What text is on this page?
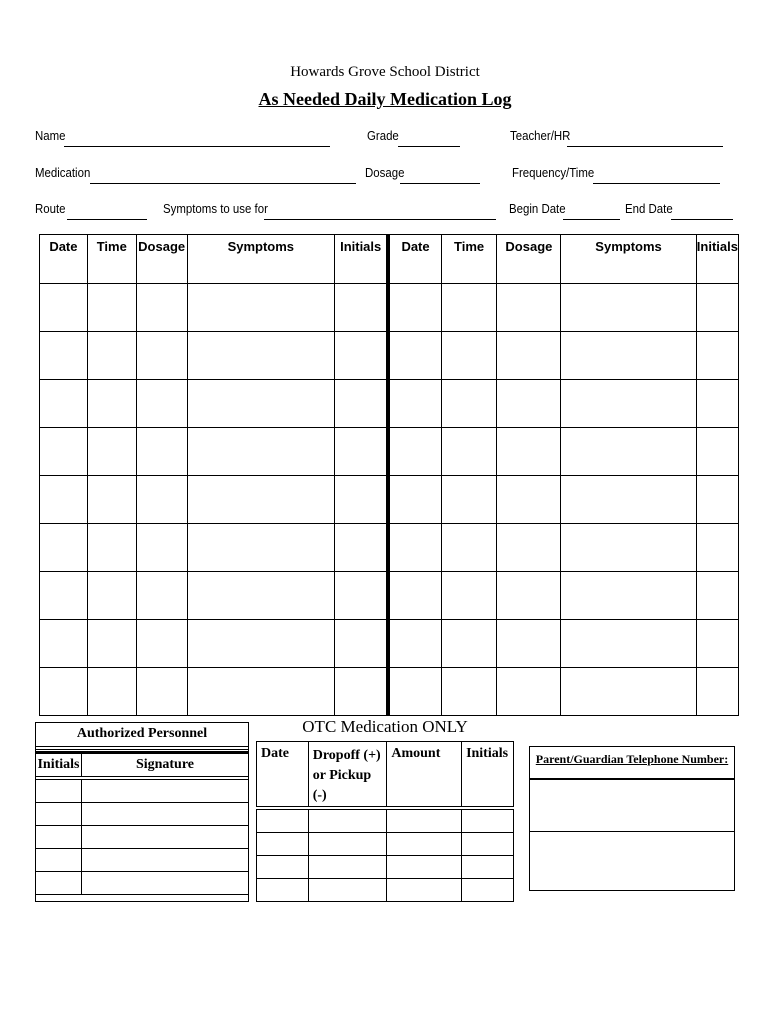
Howards Grove School District
As Needed Daily Medication Log
Name	Grade	Teacher/HR
Medication	Dosage	Frequency/Time
Route	Symptoms to use for	Begin Date	End Date
Date	Time	Dosage	Symptoms	Initials	Date	Time	Dosage	Symptoms	Initials

Authorized Personnel
Initials	Signature

OTC Medication ONLY
Date	Dropoff (+) or Pickup (-)	Amount	Initials

				Parent/Guardian Telephone Number:
